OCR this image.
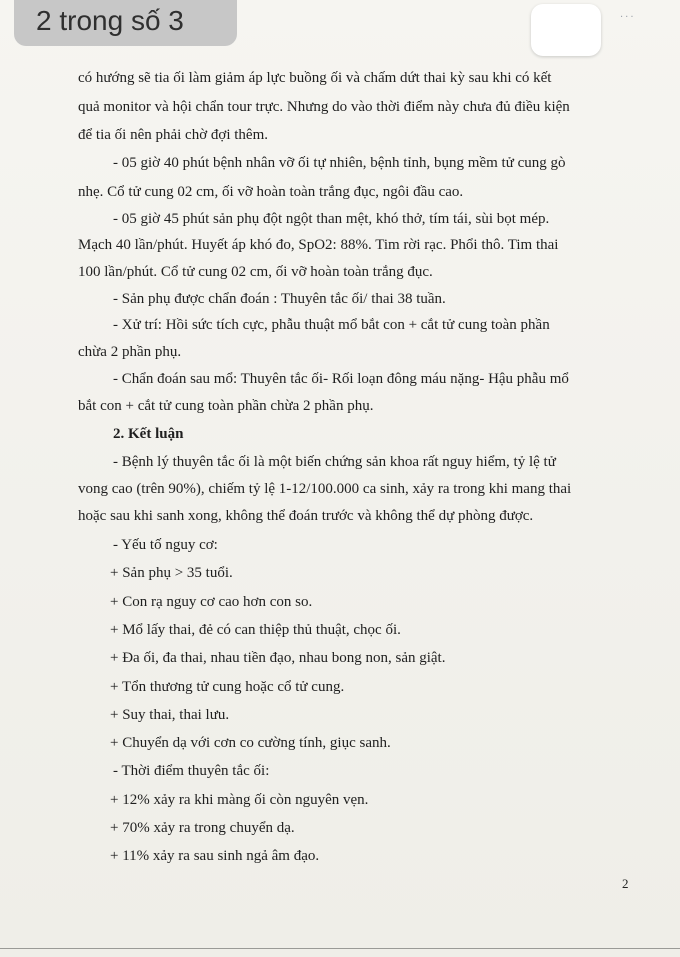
2 trong số 3	···
có hướng sẽ tia ối làm giảm áp lực buồng ối và chấm dứt thai kỳ sau khi có kết
quả monitor và hội chẩn tour trực. Nhưng do vào thời điểm này chưa đủ điều kiện
để tia ối nên phải chờ đợi thêm.
- 05 giờ 40 phút bệnh nhân vỡ ối tự nhiên, bệnh tỉnh, bụng mềm tử cung gò
nhẹ. Cổ tử cung 02 cm, ối vỡ hoàn toàn trắng đục, ngôi đầu cao.
- 05 giờ 45 phút sản phụ đột ngột than mệt, khó thở, tím tái, sùi bọt mép.
Mạch 40 lần/phút. Huyết áp khó đo, SpO2: 88%. Tim rời rạc. Phổi thô. Tim thai
100 lần/phút. Cổ tử cung 02 cm, ối vỡ hoàn toàn trắng đục.
- Sản phụ được chẩn đoán : Thuyên tắc ối/ thai 38 tuần.
- Xử trí: Hồi sức tích cực, phẫu thuật mổ bắt con + cắt tử cung toàn phần
chừa 2 phần phụ.
- Chẩn đoán sau mổ: Thuyên tắc ối- Rối loạn đông máu nặng- Hậu phẫu mổ
bắt con + cắt tử cung toàn phần chừa 2 phần phụ.
2. Kết luận
- Bệnh lý thuyên tắc ối là một biến chứng sản khoa rất nguy hiểm, tỷ lệ tử
vong cao (trên 90%), chiếm tỷ lệ 1-12/100.000 ca sinh, xảy ra trong khi mang thai
hoặc sau khi sanh xong, không thể đoán trước và không thể dự phòng được.
- Yếu tố nguy cơ:
+ Sản phụ > 35 tuổi.
+ Con rạ nguy cơ cao hơn con so.
+ Mổ lấy thai, đẻ có can thiệp thủ thuật, chọc ối.
+ Đa ối, đa thai, nhau tiền đạo, nhau bong non, sản giật.
+ Tổn thương tử cung hoặc cổ tử cung.
+ Suy thai, thai lưu.
+ Chuyển dạ với cơn co cường tính, giục sanh.
- Thời điểm thuyên tắc ối:
+ 12% xảy ra khi màng ối còn nguyên vẹn.
+ 70% xảy ra trong chuyển dạ.
+ 11% xảy ra sau sinh ngả âm đạo.
2
